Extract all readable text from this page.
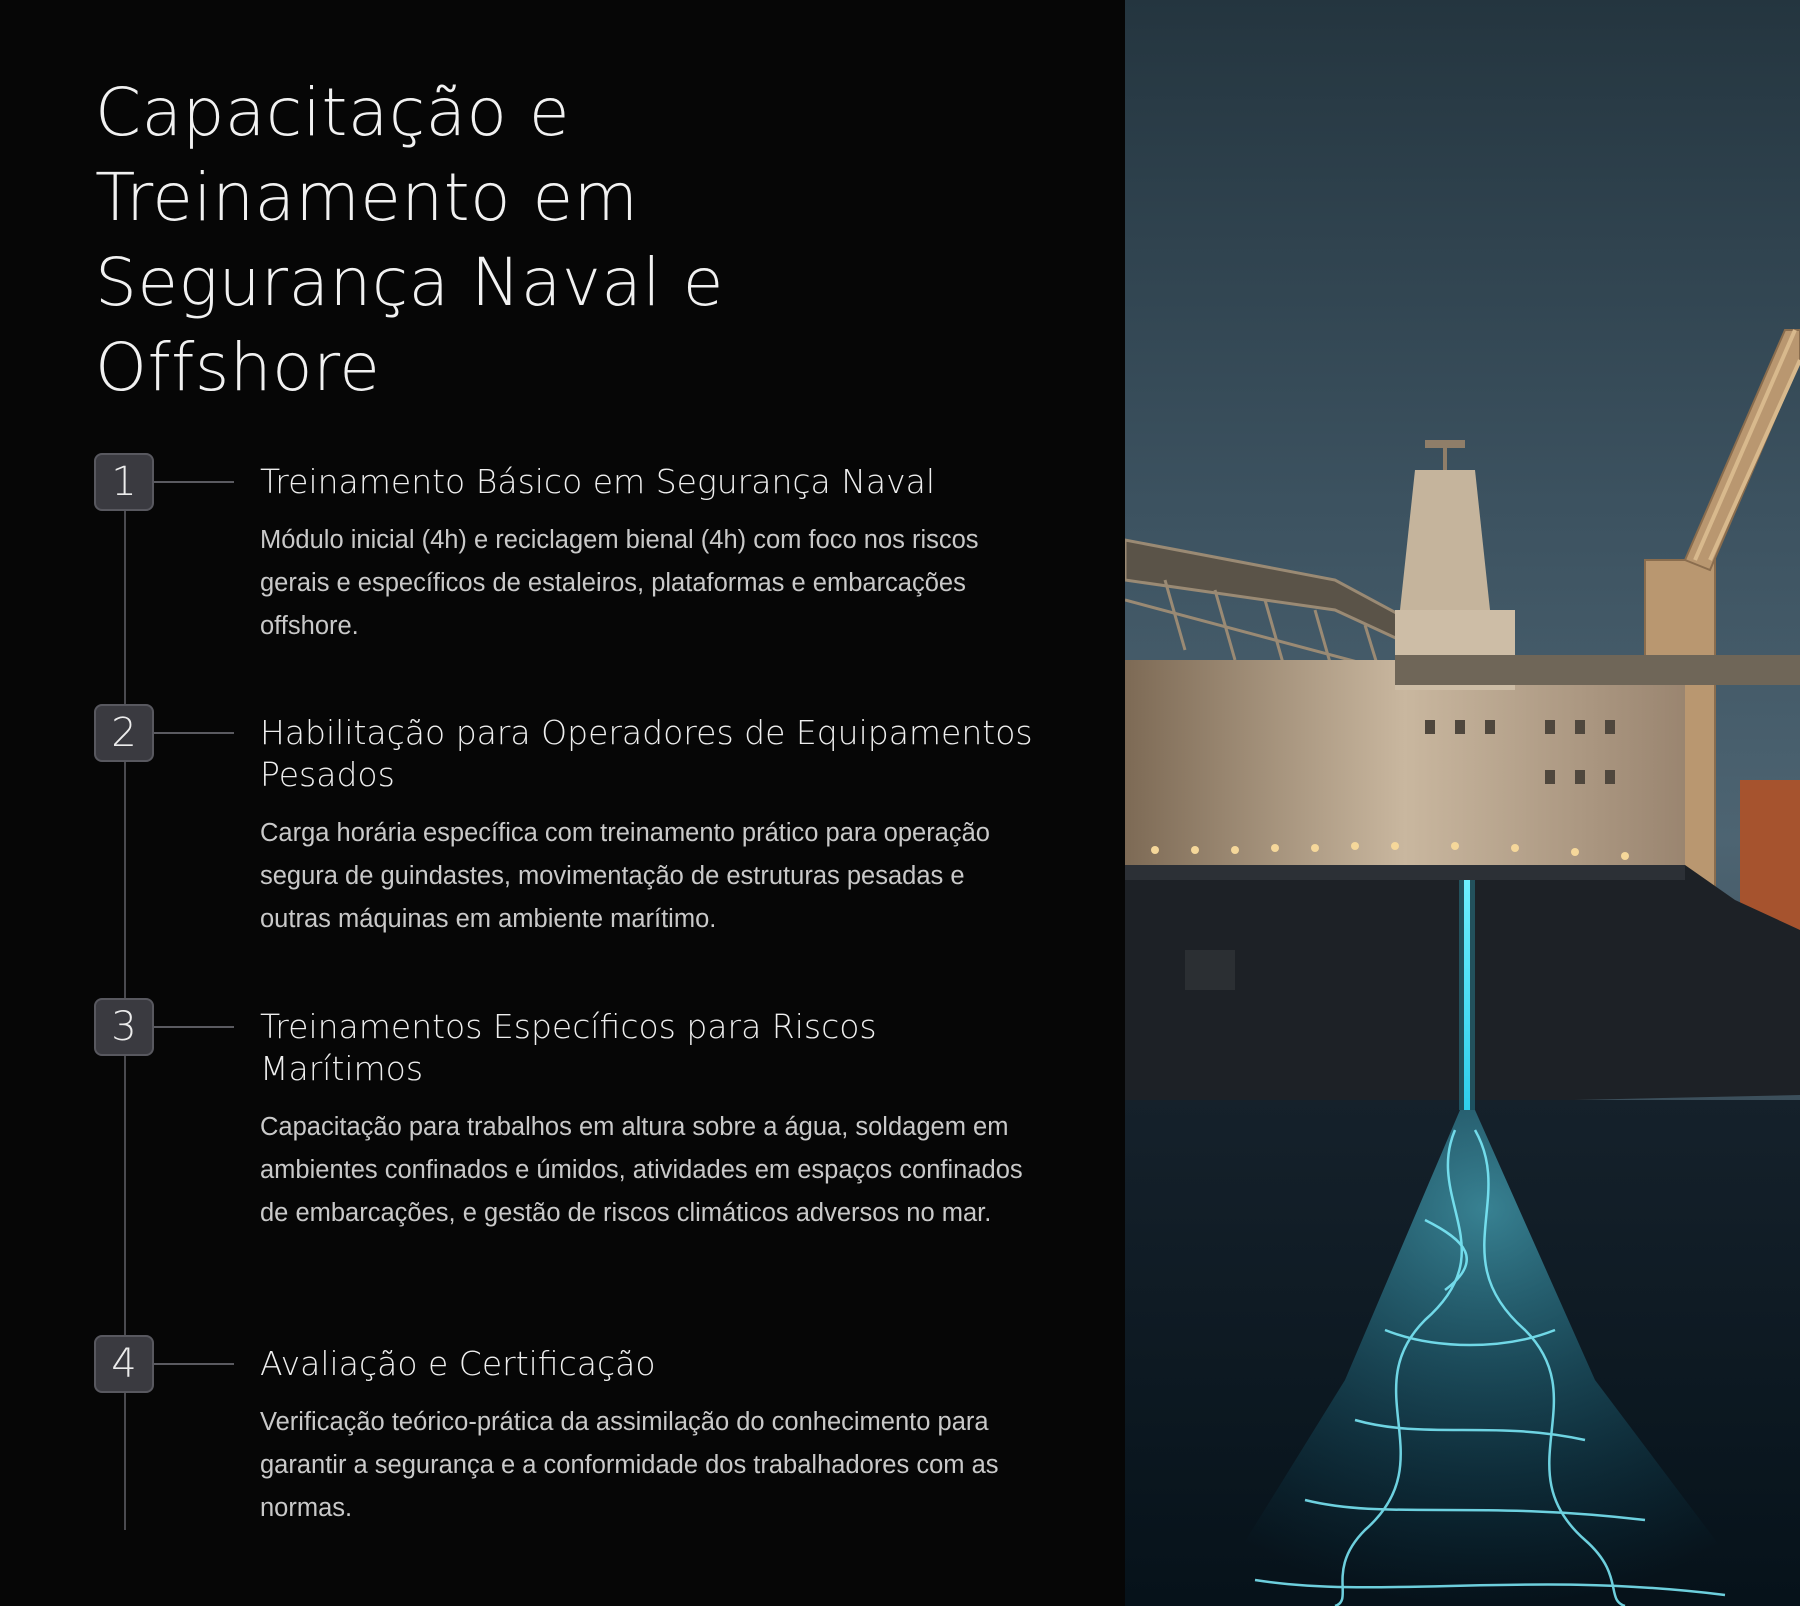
Capacitação e Treinamento em Segurança Naval e Offshore
1	Treinamento Básico em Segurança Naval

Módulo inicial (4h) e reciclagem bienal (4h) com foco nos riscos gerais e específicos de estaleiros, plataformas e embarcações offshore.

2	Habilitação para Operadores de Equipamentos Pesados

Carga horária específica com treinamento prático para operação segura de guindastes, movimentação de estruturas pesadas e outras máquinas em ambiente marítimo.

3	Treinamentos Específicos para Riscos Marítimos

Capacitação para trabalhos em altura sobre a água, soldagem em ambientes confinados e úmidos, atividades em espaços confinados de embarcações, e gestão de riscos climáticos adversos no mar.

4	Avaliação e Certificação

Verificação teórico-prática da assimilação do conhecimento para garantir a segurança e a conformidade dos trabalhadores com as normas.
